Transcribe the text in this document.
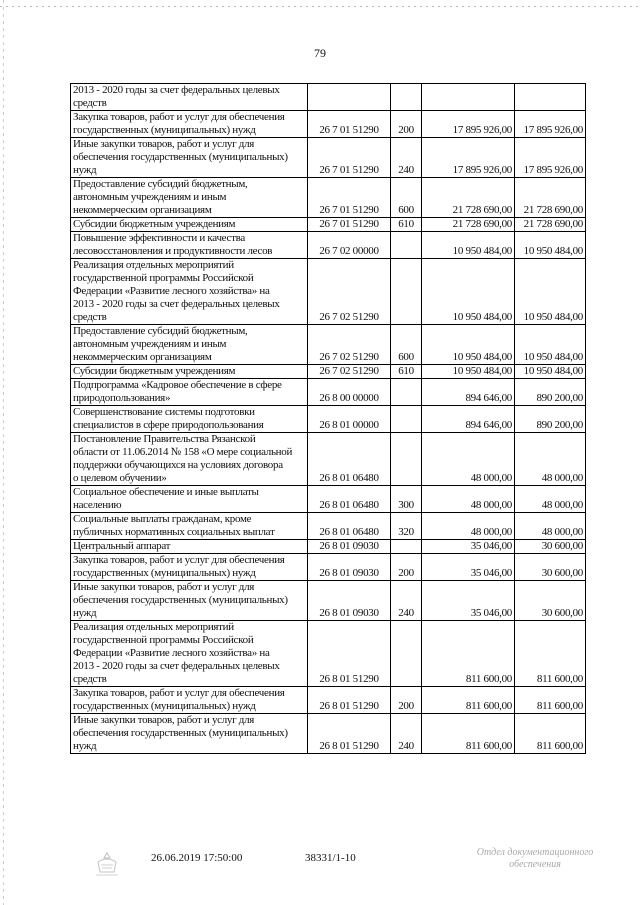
79
2013 - 2020 годы за счет федеральных целевых
средств				

Закупка товаров, работ и услуг для обеспечения
государственных (муниципальных) нужд	26 7 01 51290	200	17 895 926,00	17 895 926,00

Иные закупки товаров, работ и услуг для
обеспечения государственных (муниципальных)
нужд	26 7 01 51290	240	17 895 926,00	17 895 926,00

Предоставление субсидий бюджетным,
автономным учреждениям и иным
некоммерческим организациям	26 7 01 51290	600	21 728 690,00	21 728 690,00

Субсидии бюджетным учреждениям	26 7 01 51290	610	21 728 690,00	21 728 690,00

Повышение эффективности и качества
лесовосстановления и продуктивности лесов	26 7 02 00000		10 950 484,00	10 950 484,00

Реализация отдельных мероприятий
государственной программы Российской
Федерации «Развитие лесного хозяйства» на
2013 - 2020 годы за счет федеральных целевых
средств	26 7 02 51290		10 950 484,00	10 950 484,00

Предоставление субсидий бюджетным,
автономным учреждениям и иным
некоммерческим организациям	26 7 02 51290	600	10 950 484,00	10 950 484,00

Субсидии бюджетным учреждениям	26 7 02 51290	610	10 950 484,00	10 950 484,00

Подпрограмма «Кадровое обеспечение в сфере
природопользования»	26 8 00 00000		894 646,00	890 200,00

Совершенствование системы подготовки
специалистов в сфере природопользования	26 8 01 00000		894 646,00	890 200,00

Постановление Правительства Рязанской
области от 11.06.2014 № 158 «О мере социальной
поддержки обучающихся на условиях договора
о целевом обучении»	26 8 01 06480		48 000,00	48 000,00

Социальное обеспечение и иные выплаты
населению	26 8 01 06480	300	48 000,00	48 000,00

Социальные выплаты гражданам, кроме
публичных нормативных социальных выплат	26 8 01 06480	320	48 000,00	48 000,00

Центральный аппарат	26 8 01 09030		35 046,00	30 600,00

Закупка товаров, работ и услуг для обеспечения
государственных (муниципальных) нужд	26 8 01 09030	200	35 046,00	30 600,00

Иные закупки товаров, работ и услуг для
обеспечения государственных (муниципальных)
нужд	26 8 01 09030	240	35 046,00	30 600,00

Реализация отдельных мероприятий
государственной программы Российской
Федерации «Развитие лесного хозяйства» на
2013 - 2020 годы за счет федеральных целевых
средств	26 8 01 51290		811 600,00	811 600,00

Закупка товаров, работ и услуг для обеспечения
государственных (муниципальных) нужд	26 8 01 51290	200	811 600,00	811 600,00

Иные закупки товаров, работ и услуг для
обеспечения государственных (муниципальных)
нужд	26 8 01 51290	240	811 600,00	811 600,00
26.06.2019 17:50:00	38331/1-10	Отдел документационного
обеспечения
